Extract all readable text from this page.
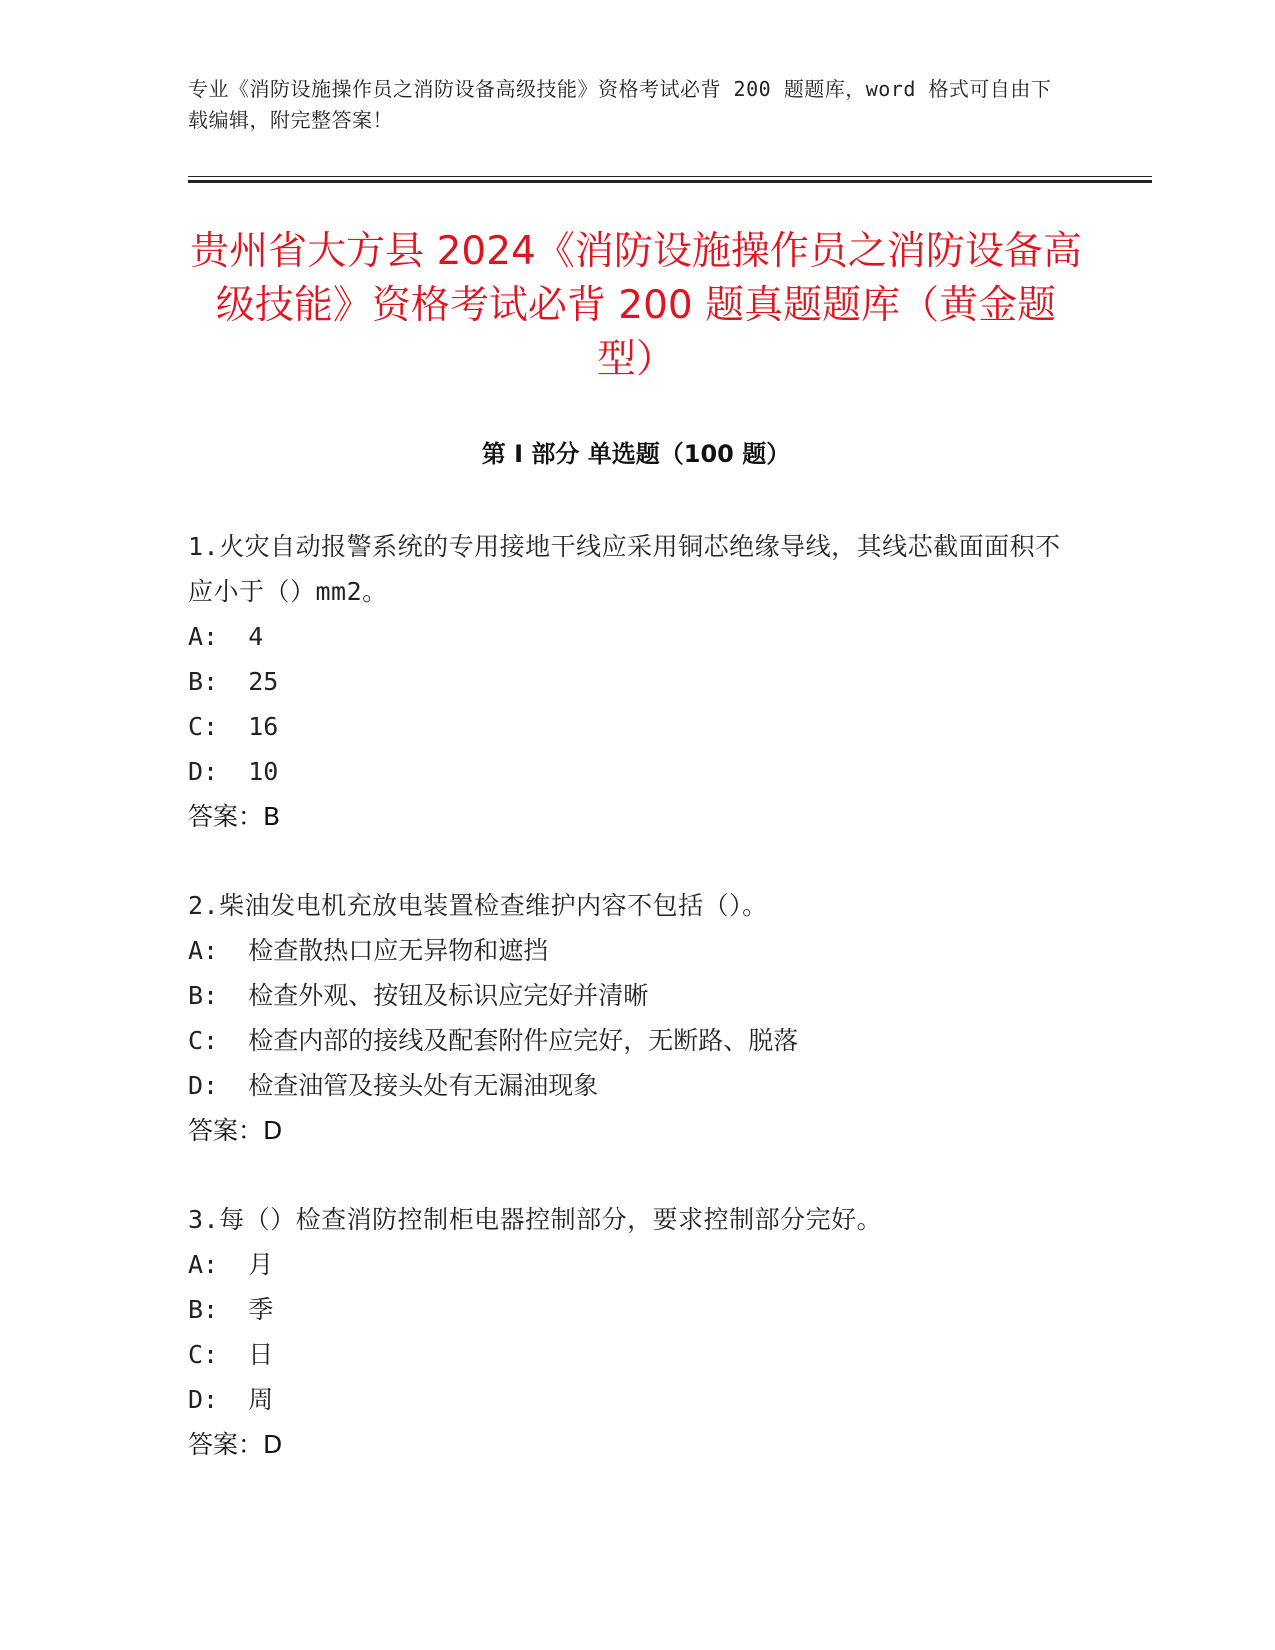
专业《消防设施操作员之消防设备高级技能》资格考试必背 200 题题库，word 格式可自由下载编辑，附完整答案！
贵州省大方县 2024《消防设施操作员之消防设备高级技能》资格考试必背 200 题真题题库（黄金题型）
第 I 部分 单选题（100 题）
1.火灾自动报警系统的专用接地干线应采用铜芯绝缘导线，其线芯截面面积不应小于（）mm2。
A:  4
B:  25
C:  16
D:  10
答案：B
2.柴油发电机充放电装置检查维护内容不包括（）。
A:  检查散热口应无异物和遮挡
B:  检查外观、按钮及标识应完好并清晰
C:  检查内部的接线及配套附件应完好，无断路、脱落
D:  检查油管及接头处有无漏油现象
答案：D
3.每（）检查消防控制柜电器控制部分，要求控制部分完好。
A:  月
B:  季
C:  日
D:  周
答案：D
